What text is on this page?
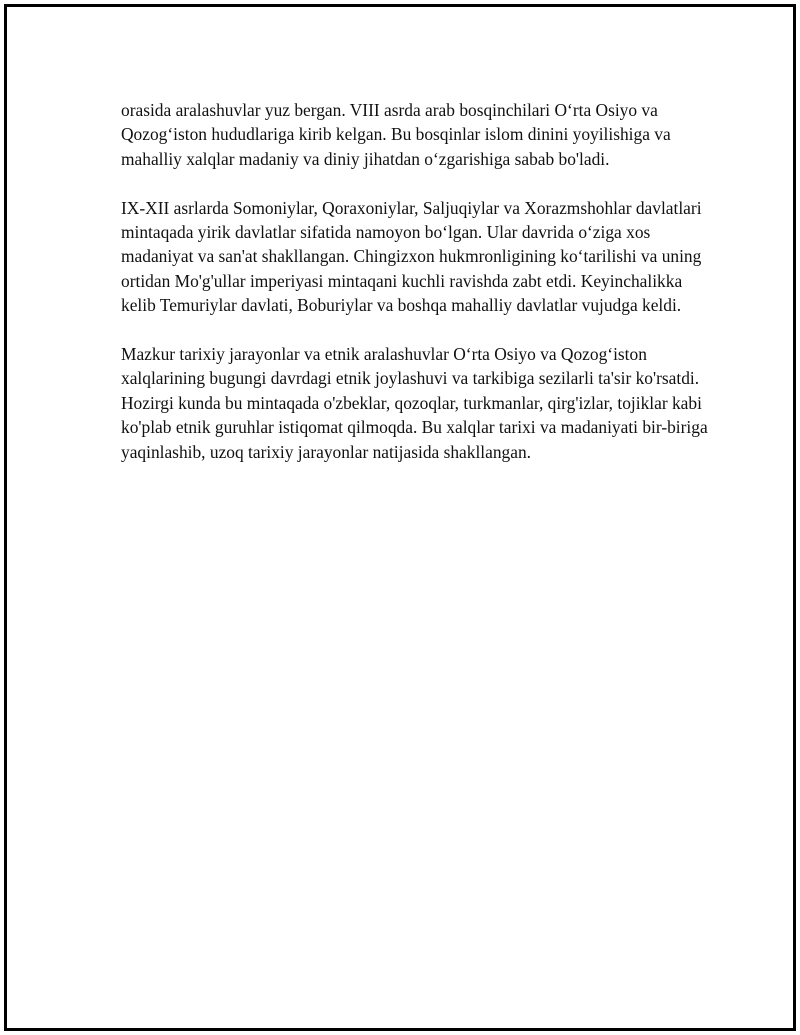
orasida aralashuvlar yuz bergan. VIII asrda arab bosqinchilari O‘rta Osiyo va Qozog‘iston hududlariga kirib kelgan. Bu bosqinlar islom dinini yoyilishiga va mahalliy xalqlar madaniy va diniy jihatdan o‘zgarishiga sabab bo'ladi.

IX-XII asrlarda Somoniylar, Qoraxoniylar, Saljuqiylar va Xorazmshohlar davlatlari mintaqada yirik davlatlar sifatida namoyon bo‘lgan. Ular davrida o‘ziga xos madaniyat va san'at shakllangan. Chingizxon hukmronligining ko‘tarilishi va uning ortidan Mo'g'ullar imperiyasi mintaqani kuchli ravishda zabt etdi. Keyinchalikka kelib Temuriylar davlati, Boburiylar va boshqa mahalliy davlatlar vujudga keldi.

Mazkur tarixiy jarayonlar va etnik aralashuvlar O‘rta Osiyo va Qozog‘iston xalqlarining bugungi davrdagi etnik joylashuvi va tarkibiga sezilarli ta'sir ko'rsatdi. Hozirgi kunda bu mintaqada o'zbeklar, qozoqlar, turkmanlar, qirg'izlar, tojiklar kabi ko'plab etnik guruhlar istiqomat qilmoqda. Bu xalqlar tarixi va madaniyati bir-biriga yaqinlashib, uzoq tarixiy jarayonlar natijasida shakllangan.
